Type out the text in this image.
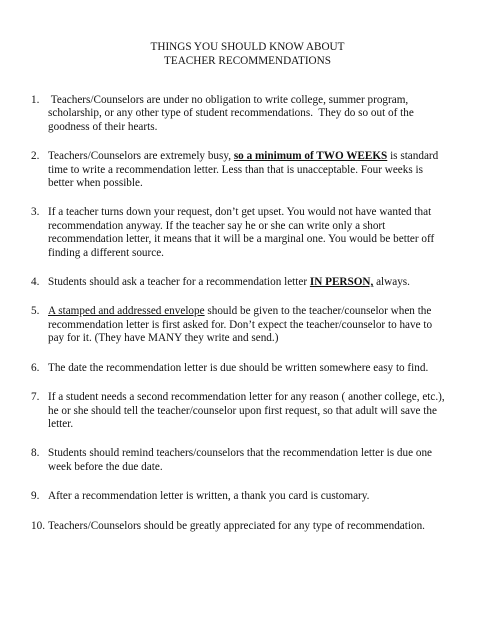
THINGS YOU SHOULD KNOW ABOUT
TEACHER RECOMMENDATIONS
1. Teachers/Counselors are under no obligation to write college, summer program, scholarship, or any other type of student recommendations.  They do so out of the goodness of their hearts.
2. Teachers/Counselors are extremely busy, so a minimum of TWO WEEKS is standard time to write a recommendation letter. Less than that is unacceptable. Four weeks is better when possible.
3. If a teacher turns down your request, don’t get upset. You would not have wanted that recommendation anyway. If the teacher say he or she can write only a short recommendation letter, it means that it will be a marginal one. You would be better off finding a different source.
4. Students should ask a teacher for a recommendation letter IN PERSON, always.
5. A stamped and addressed envelope should be given to the teacher/counselor when the recommendation letter is first asked for. Don’t expect the teacher/counselor to have to pay for it. (They have MANY they write and send.)
6. The date the recommendation letter is due should be written somewhere easy to find.
7. If a student needs a second recommendation letter for any reason ( another college, etc.), he or she should tell the teacher/counselor upon first request, so that adult will save the letter.
8. Students should remind teachers/counselors that the recommendation letter is due one week before the due date.
9. After a recommendation letter is written, a thank you card is customary.
10. Teachers/Counselors should be greatly appreciated for any type of recommendation.
